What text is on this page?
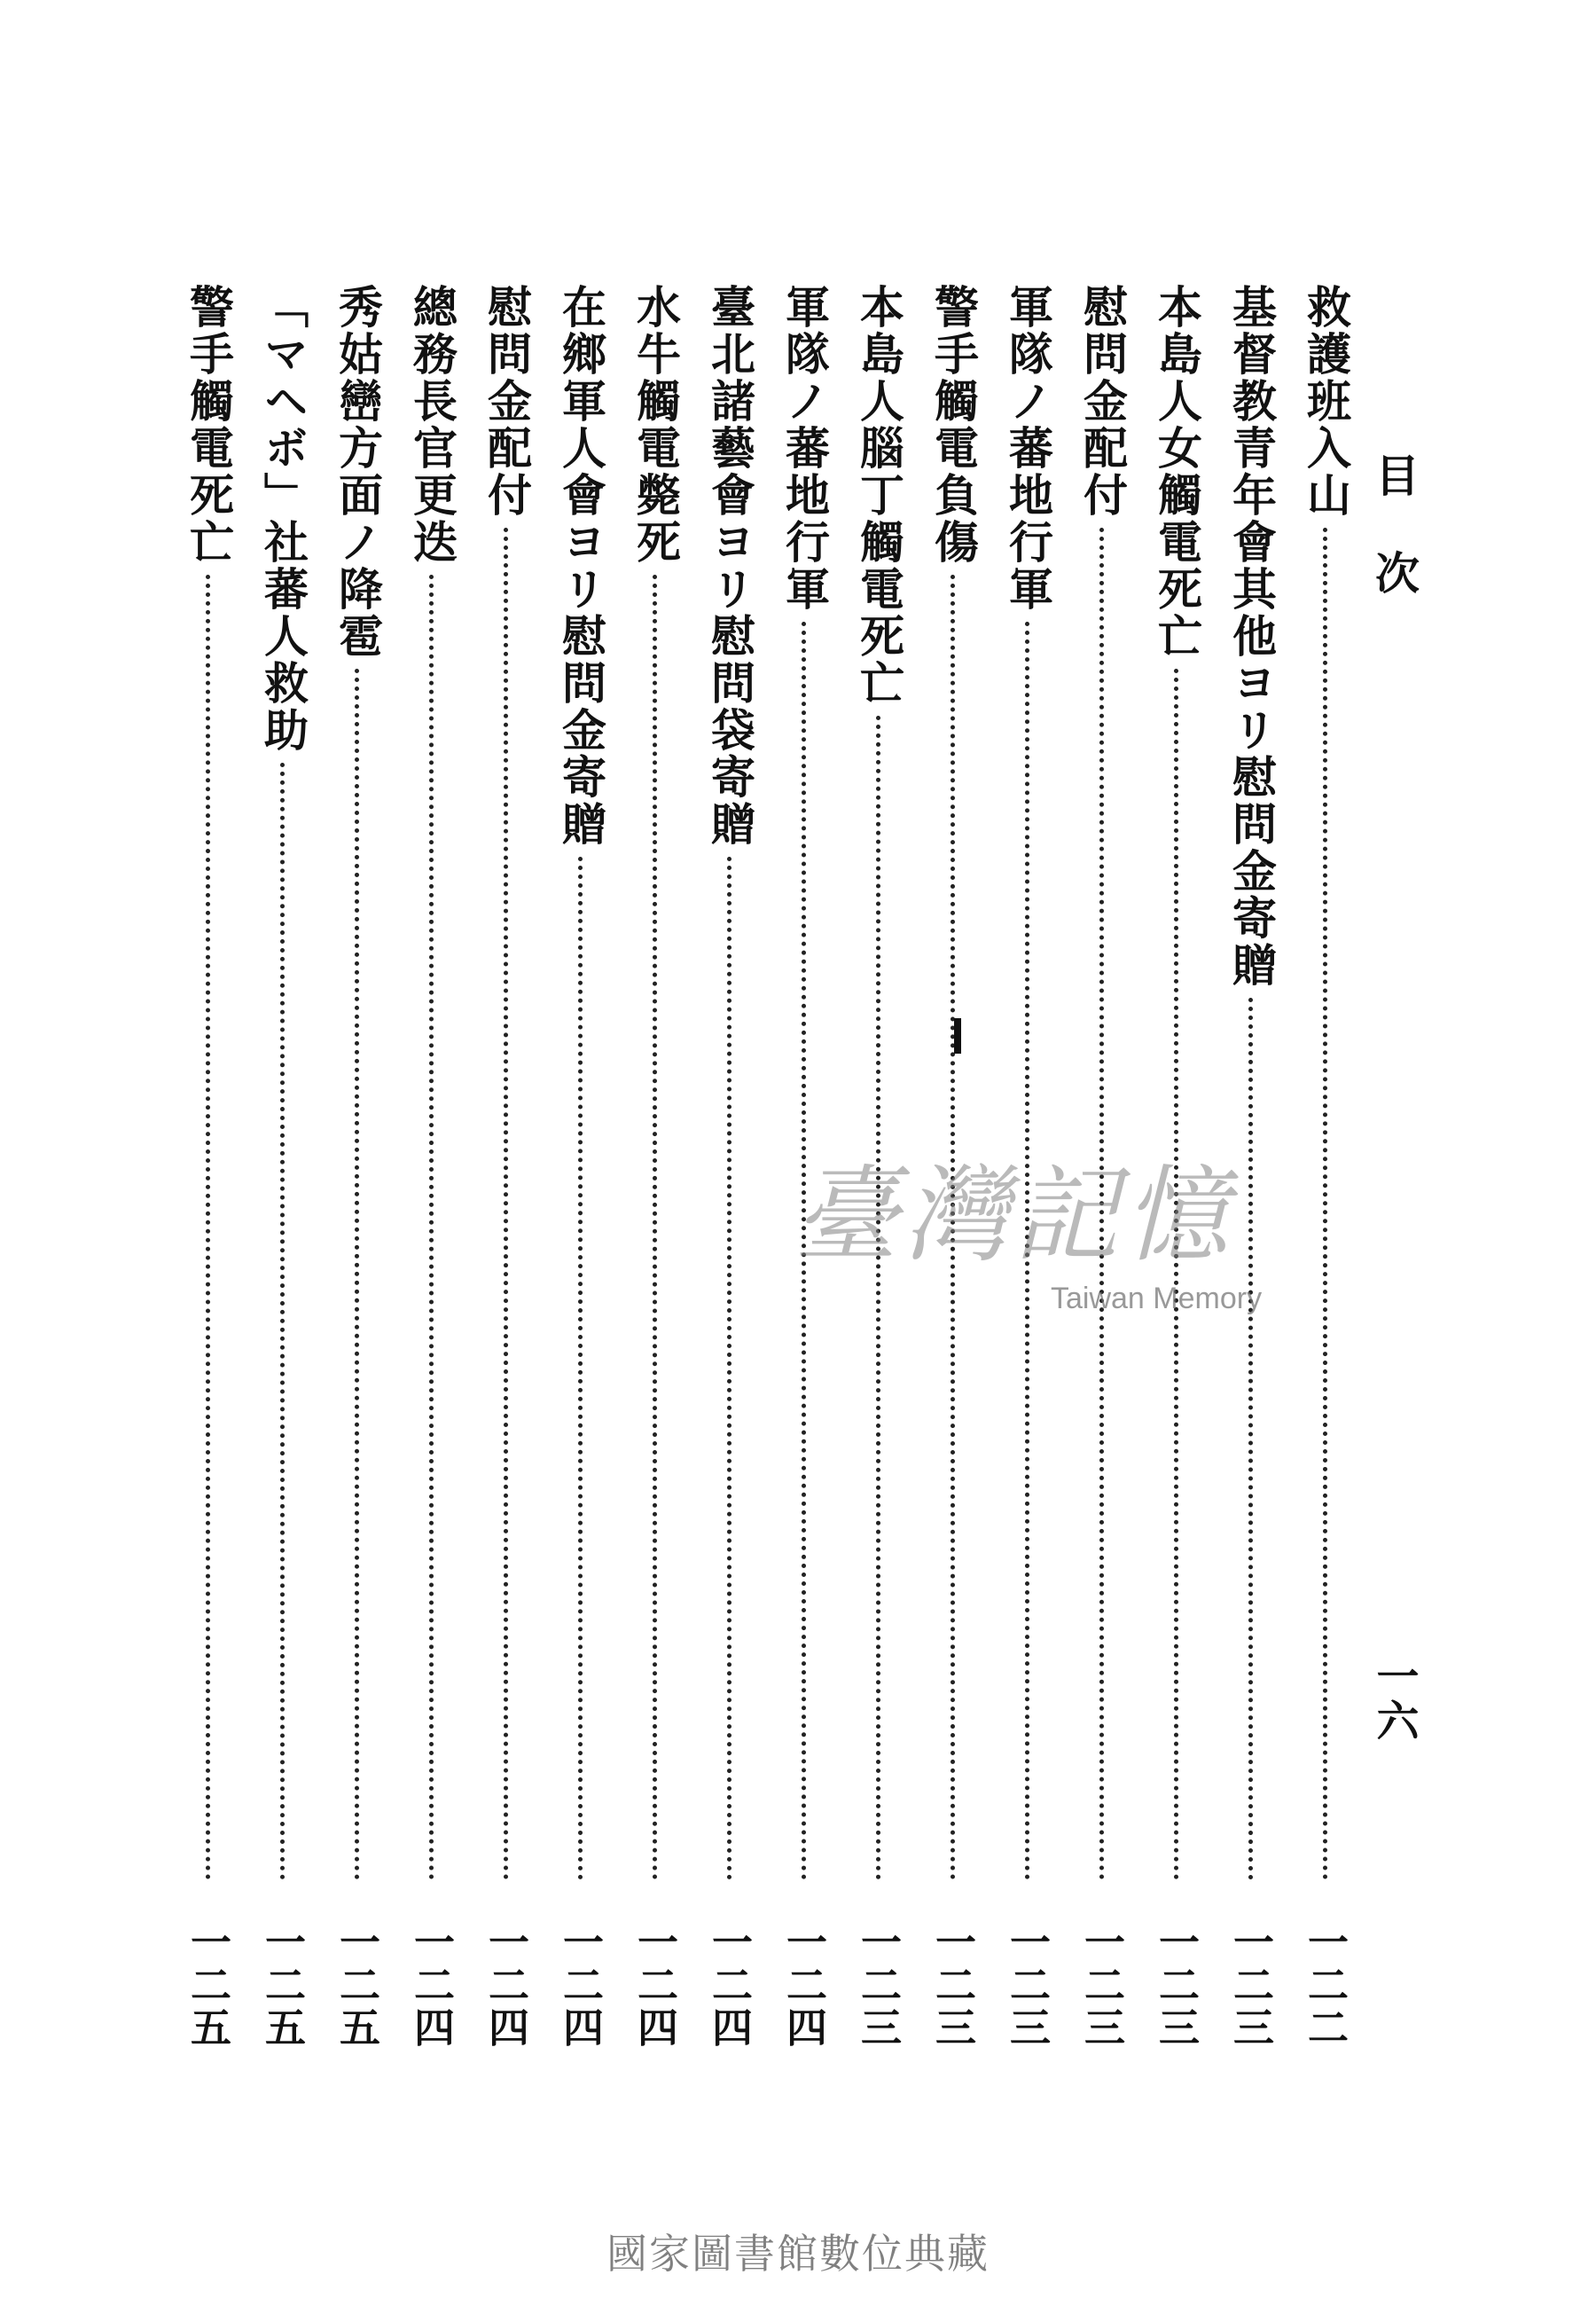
目次
一六
救護班入山
一二二
基督教青年會其他ヨリ慰問金寄贈
一二三
本島人女觸電死亡
一二三
慰問金配付
一二三
軍隊ノ蕃地行軍
一二三
警手觸電負傷
一二三
本島人腦丁觸電死亡
一二三
軍隊ノ蕃地行軍
一二四
臺北諸藝會ヨリ慰問袋寄贈
一二四
水牛觸電斃死
一二四
在鄉軍人會ヨリ慰問金寄贈
一二四
慰問金配付
一二四
總務長官更迭
一二四
秀姑巒方面ノ降雹
一二五
「マヘボ」社蕃人救助
一二五
警手觸電死亡
一二五
臺灣記憶
Taiwan Memory
國家圖書館數位典藏
